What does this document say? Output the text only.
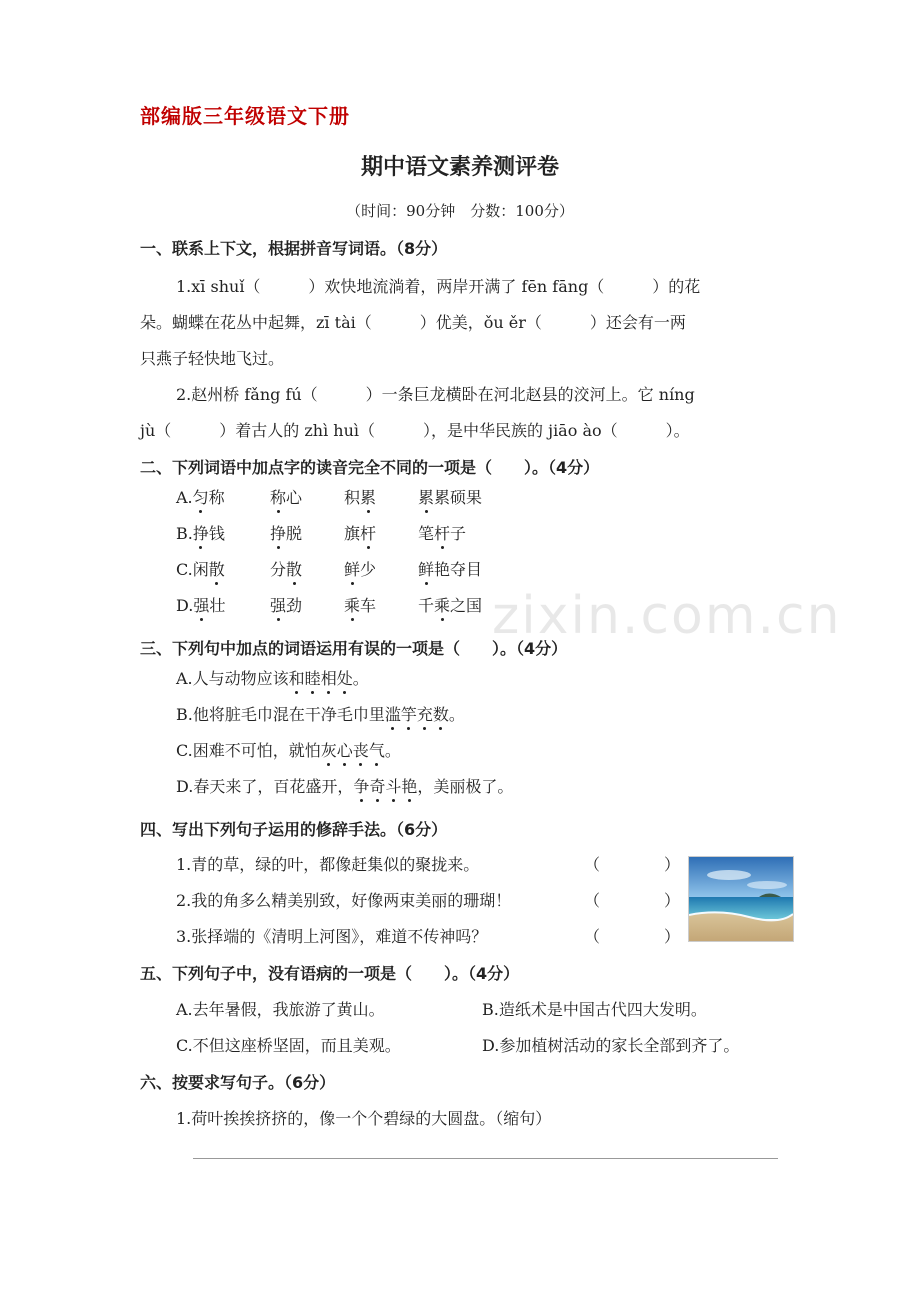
部编版三年级语文下册
期中语文素养测评卷
（时间：90分钟　分数：100分）
zixin.com.cn
一、联系上下文，根据拼音写词语。（8分）
1.xī shuǐ（　　　）欢快地流淌着，两岸开满了 fēn fāng（　　　）的花
朵。蝴蝶在花丛中起舞，zī tài（　　　）优美，ǒu ěr（　　　）还会有一两
只燕子轻快地飞过。
2.赵州桥 fǎng fú（　　　）一条巨龙横卧在河北赵县的洨河上。它 níng
jù（　　　）着古人的 zhì huì（　　　），是中华民族的 jiāo ào（　　　）。
二、下列词语中加点字的读音完全不同的一项是（　　）。（4分）
A.匀称	称心	积累	累累硕果
B.挣钱	挣脱	旗杆	笔杆子
C.闲散	分散	鲜少	鲜艳夺目
D.强壮	强劲	乘车	千乘之国
三、下列句中加点的词语运用有误的一项是（　　）。（4分）
A.人与动物应该和睦相处。
B.他将脏毛巾混在干净毛巾里滥竽充数。
C.困难不可怕，就怕灰心丧气。
D.春天来了，百花盛开，争奇斗艳，美丽极了。
四、写出下列句子运用的修辞手法。（6分）
1.青的草，绿的叶，都像赶集似的聚拢来。	（　　　　）
2.我的角多么精美别致，好像两束美丽的珊瑚！	（　　　　）
3.张择端的《清明上河图》，难道不传神吗？	（　　　　）
五、下列句子中，没有语病的一项是（　　）。（4分）
A.去年暑假，我旅游了黄山。	B.造纸术是中国古代四大发明。
C.不但这座桥坚固，而且美观。	D.参加植树活动的家长全部到齐了。
六、按要求写句子。（6分）
1.荷叶挨挨挤挤的，像一个个碧绿的大圆盘。（缩句）
